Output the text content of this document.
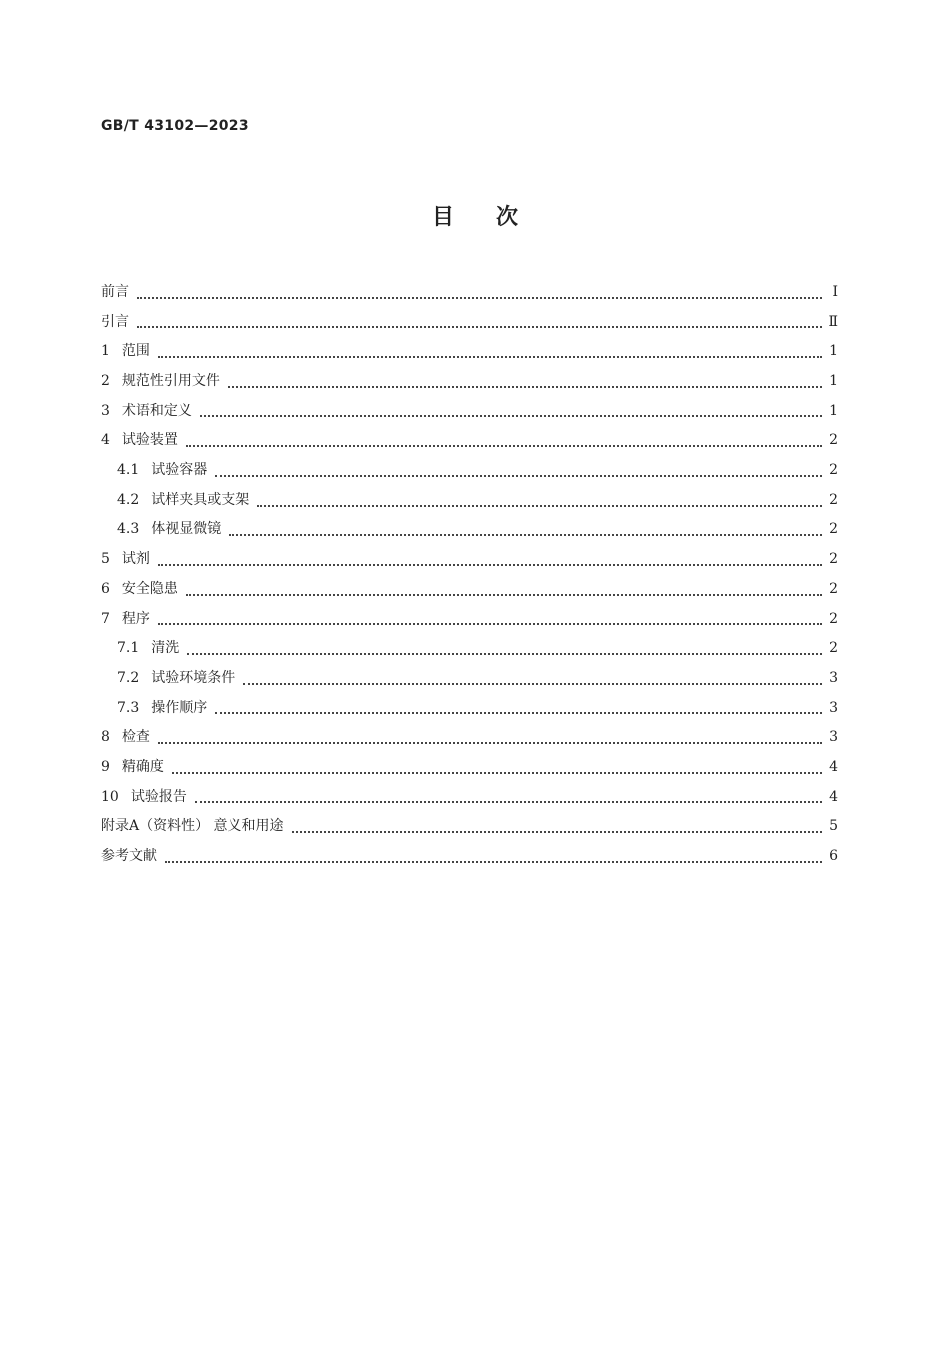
GB/T 43102—2023
目次
前言	Ⅰ
引言	Ⅱ
1 范围	1
2 规范性引用文件	1
3 术语和定义	1
4 试验装置	2
4.1 试验容器	2
4.2 试样夹具或支架	2
4.3 体视显微镜	2
5 试剂	2
6 安全隐患	2
7 程序	2
7.1 清洗	2
7.2 试验环境条件	3
7.3 操作顺序	3
8 检查	3
9 精确度	4
10 试验报告	4
附录A（资料性） 意义和用途	5
参考文献	6
